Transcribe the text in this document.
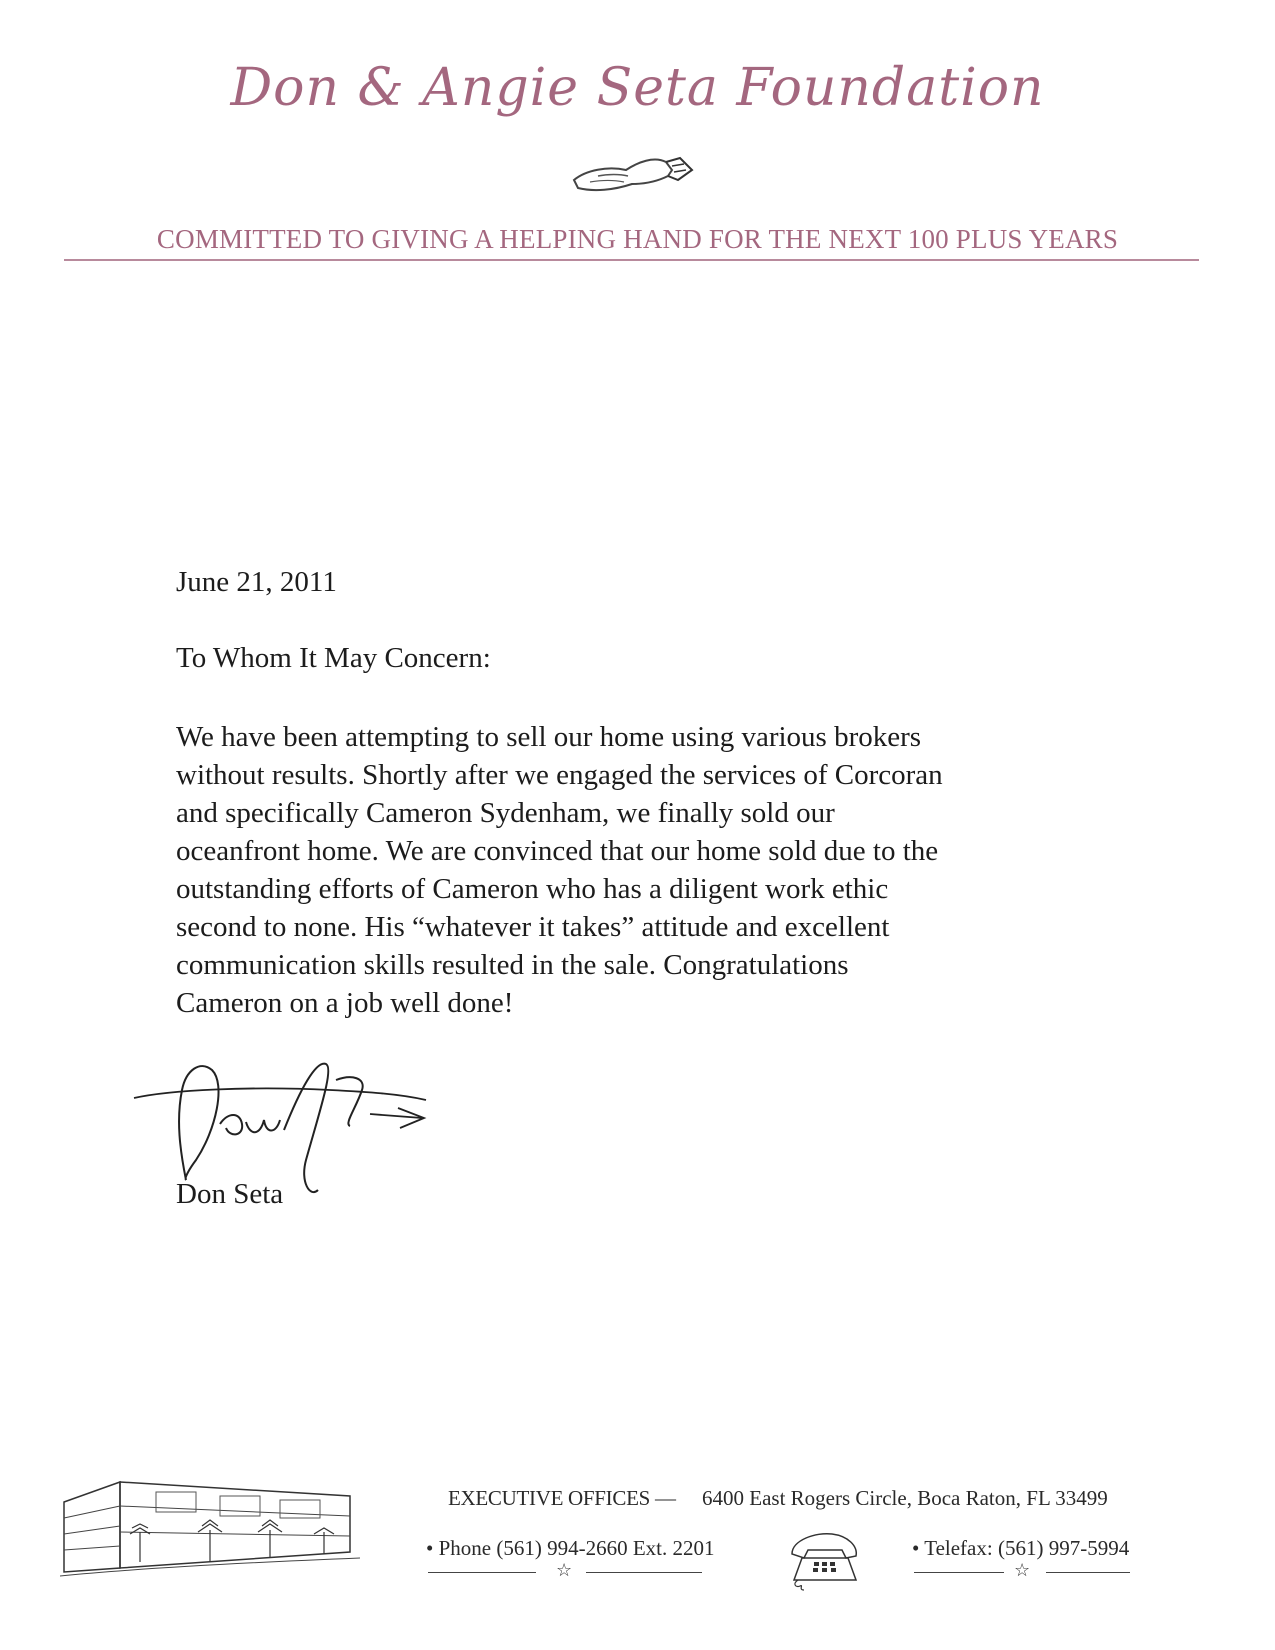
Don & Angie Seta Foundation
COMMITTED TO GIVING A HELPING HAND FOR THE NEXT 100 PLUS YEARS
June 21, 2011
To Whom It May Concern:
We have been attempting to sell our home using various brokers
without results. Shortly after we engaged the services of Corcoran
and specifically Cameron Sydenham, we finally sold our
oceanfront home. We are convinced that our home sold due to the
outstanding efforts of Cameron who has a diligent work ethic
second to none. His “whatever it takes” attitude and excellent
communication skills resulted in the sale. Congratulations
Cameron on a job well done!
Don Seta
EXECUTIVE OFFICES — 6400 East Rogers Circle, Boca Raton, FL 33499
• Phone (561) 994-2660 Ext. 2201
☆
• Telefax: (561) 997-5994
☆
